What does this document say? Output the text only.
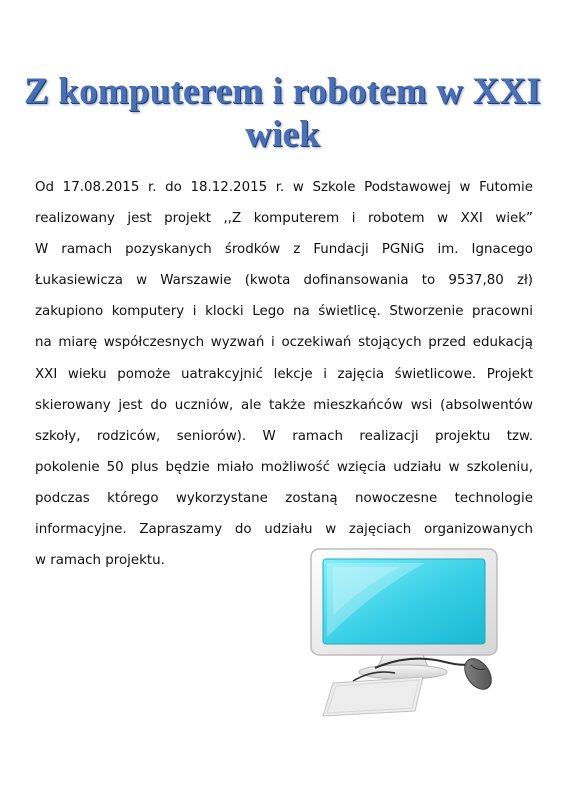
Z komputerem i robotem w XXI wiek
Od 17.08.2015 r. do 18.12.2015 r. w Szkole Podstawowej w Futomie
realizowany jest projekt ,,Z komputerem i robotem w XXI wiek”
W ramach pozyskanych środków z Fundacji PGNiG im. Ignacego
Łukasiewicza w Warszawie (kwota dofinansowania to 9537,80 zł)
zakupiono komputery i klocki Lego na świetlicę. Stworzenie pracowni
na miarę współczesnych wyzwań i oczekiwań stojących przed edukacją
XXI wieku pomoże uatrakcyjnić lekcje i zajęcia świetlicowe. Projekt
skierowany jest do uczniów, ale także mieszkańców wsi (absolwentów
szkoły, rodziców, seniorów). W ramach realizacji projektu tzw.
pokolenie 50 plus będzie miało możliwość wzięcia udziału w szkoleniu,
podczas którego wykorzystane zostaną nowoczesne technologie
informacyjne. Zapraszamy do udziału w zajęciach organizowanych
w ramach projektu.
